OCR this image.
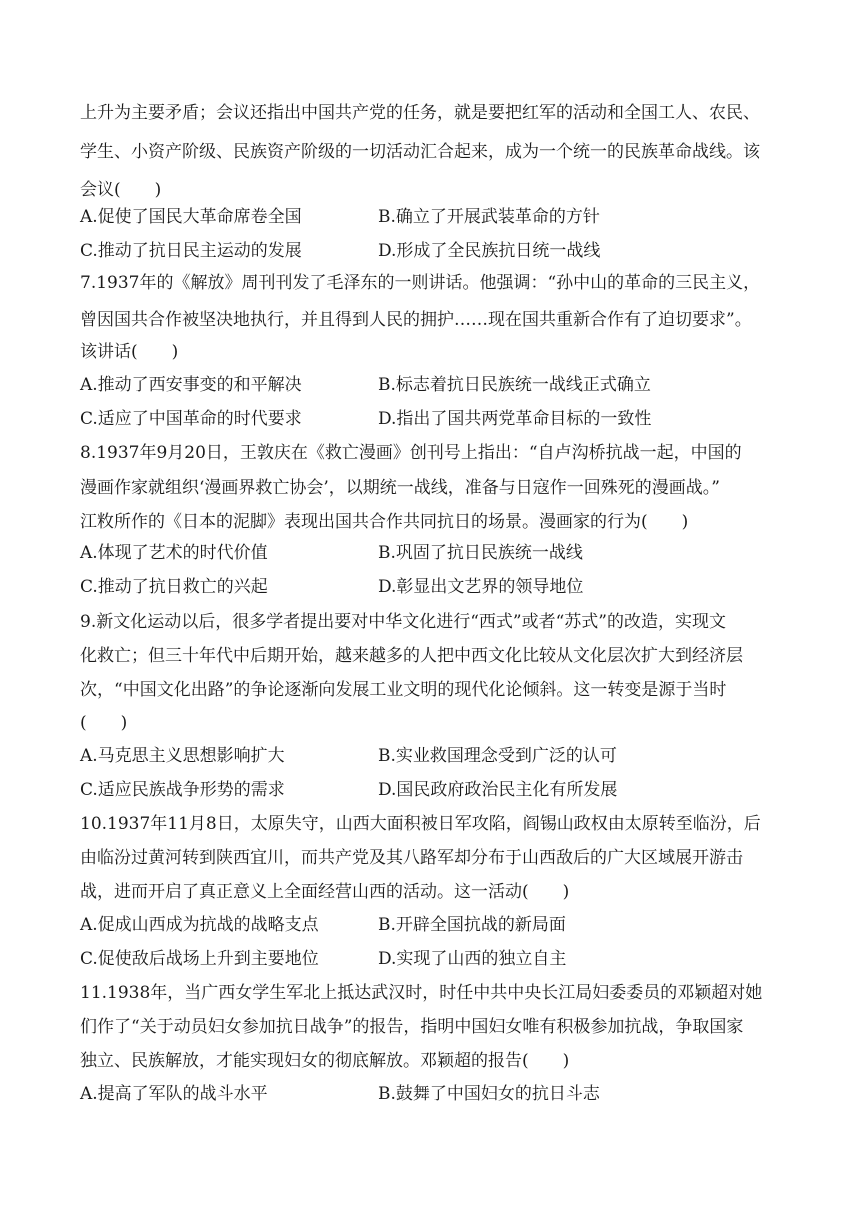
上升为主要矛盾；会议还指出中国共产党的任务，就是要把红军的活动和全国工人、农民、
学生、小资产阶级、民族资产阶级的一切活动汇合起来，成为一个统一的民族革命战线。该
会议(　　)
A.促使了国民大革命席卷全国	B.确立了开展武装革命的方针
C.推动了抗日民主运动的发展	D.形成了全民族抗日统一战线
7.1937年的《解放》周刊刊发了毛泽东的一则讲话。他强调：“孙中山的革命的三民主义，
曾因国共合作被坚决地执行，并且得到人民的拥护……现在国共重新合作有了迫切要求”。
该讲话(　　)
A.推动了西安事变的和平解决	B.标志着抗日民族统一战线正式确立
C.适应了中国革命的时代要求	D.指出了国共两党革命目标的一致性
8.1937年9月20日，王敦庆在《救亡漫画》创刊号上指出：“自卢沟桥抗战一起，中国的
漫画作家就组织‘漫画界救亡协会’，以期统一战线，准备与日寇作一回殊死的漫画战。”
江敉所作的《日本的泥脚》表现出国共合作共同抗日的场景。漫画家的行为(　　)
A.体现了艺术的时代价值	B.巩固了抗日民族统一战线
C.推动了抗日救亡的兴起	D.彰显出文艺界的领导地位
9.新文化运动以后，很多学者提出要对中华文化进行“西式”或者“苏式”的改造，实现文
化救亡；但三十年代中后期开始，越来越多的人把中西文化比较从文化层次扩大到经济层
次，“中国文化出路”的争论逐渐向发展工业文明的现代化论倾斜。这一转变是源于当时
(　　)
A.马克思主义思想影响扩大	B.实业救国理念受到广泛的认可
C.适应民族战争形势的需求	D.国民政府政治民主化有所发展
10.1937年11月8日，太原失守，山西大面积被日军攻陷，阎锡山政权由太原转至临汾，后
由临汾过黄河转到陕西宜川，而共产党及其八路军却分布于山西敌后的广大区域展开游击
战，进而开启了真正意义上全面经营山西的活动。这一活动(　　)
A.促成山西成为抗战的战略支点	B.开辟全国抗战的新局面
C.促使敌后战场上升到主要地位	D.实现了山西的独立自主
11.1938年，当广西女学生军北上抵达武汉时，时任中共中央长江局妇委委员的邓颖超对她
们作了“关于动员妇女参加抗日战争”的报告，指明中国妇女唯有积极参加抗战，争取国家
独立、民族解放，才能实现妇女的彻底解放。邓颖超的报告(　　)
A.提高了军队的战斗水平	B.鼓舞了中国妇女的抗日斗志
